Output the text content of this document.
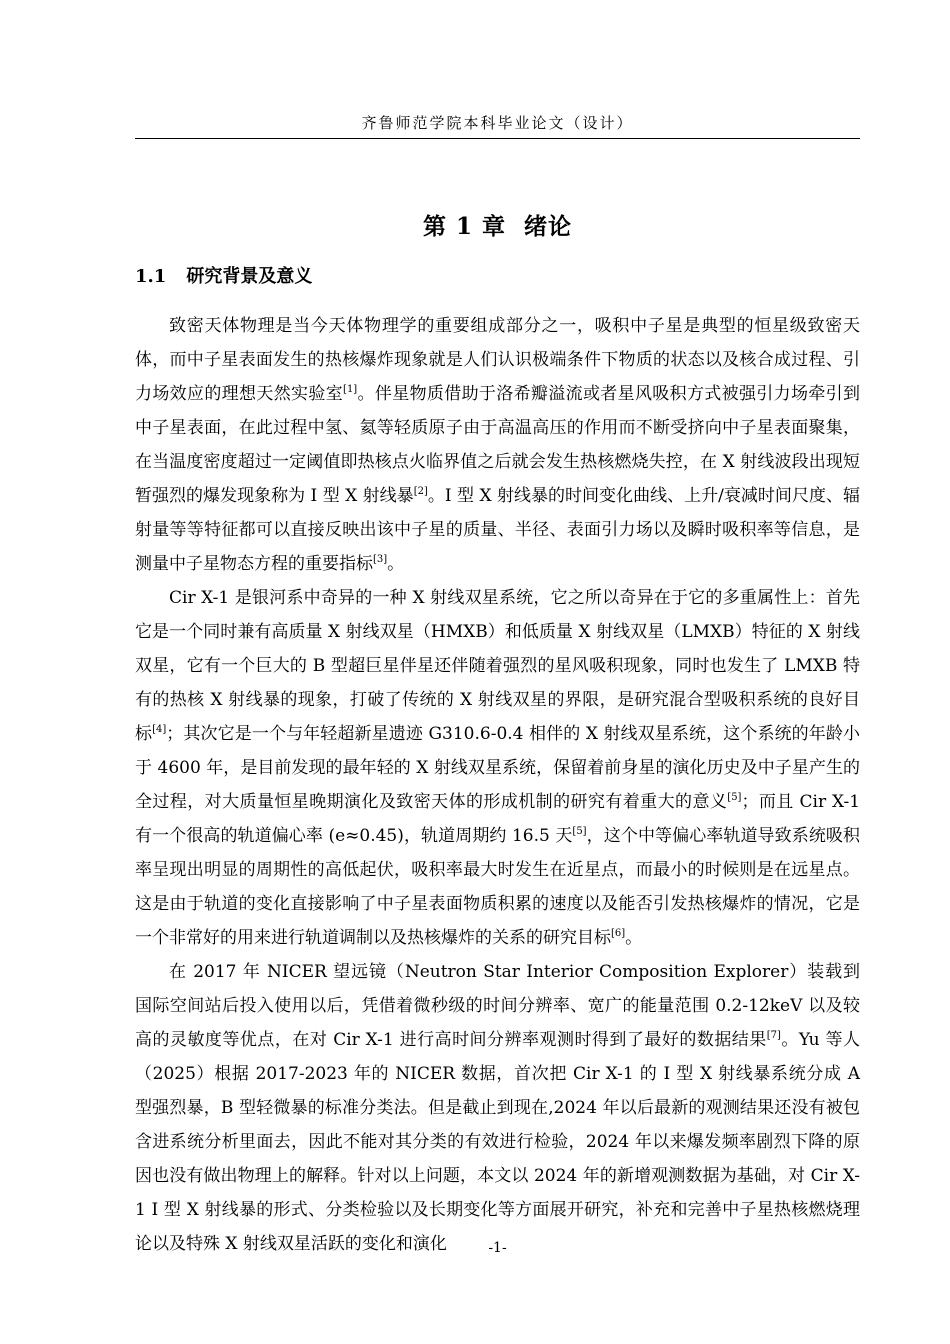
齐鲁师范学院本科毕业论文（设计）
第 1 章 绪论
1.1 研究背景及意义

致密天体物理是当今天体物理学的重要组成部分之一，吸积中子星是典型的恒星级致密天体，而中子星表面发生的热核爆炸现象就是人们认识极端条件下物质的状态以及核合成过程、引力场效应的理想天然实验室[1]。伴星物质借助于洛希瓣溢流或者星风吸积方式被强引力场牵引到中子星表面，在此过程中氢、氦等轻质原子由于高温高压的作用而不断受挤向中子星表面聚集，在当温度密度超过一定阈值即热核点火临界值之后就会发生热核燃烧失控，在 X 射线波段出现短暂强烈的爆发现象称为 I 型 X 射线暴[2]。I 型 X 射线暴的时间变化曲线、上升/衰减时间尺度、辐射量等等特征都可以直接反映出该中子星的质量、半径、表面引力场以及瞬时吸积率等信息，是测量中子星物态方程的重要指标[3]。

Cir X-1 是银河系中奇异的一种 X 射线双星系统，它之所以奇异在于它的多重属性上：首先它是一个同时兼有高质量 X 射线双星（HMXB）和低质量 X 射线双星（LMXB）特征的 X 射线双星，它有一个巨大的 B 型超巨星伴星还伴随着强烈的星风吸积现象，同时也发生了 LMXB 特有的热核 X 射线暴的现象，打破了传统的 X 射线双星的界限，是研究混合型吸积系统的良好目标[4]；其次它是一个与年轻超新星遗迹 G310.6-0.4 相伴的 X 射线双星系统，这个系统的年龄小于 4600 年，是目前发现的最年轻的 X 射线双星系统，保留着前身星的演化历史及中子星产生的全过程，对大质量恒星晚期演化及致密天体的形成机制的研究有着重大的意义[5]；而且 Cir X-1 有一个很高的轨道偏心率 (e≈0.45)，轨道周期约 16.5 天[5]，这个中等偏心率轨道导致系统吸积率呈现出明显的周期性的高低起伏，吸积率最大时发生在近星点，而最小的时候则是在远星点。这是由于轨道的变化直接影响了中子星表面物质积累的速度以及能否引发热核爆炸的情况，它是一个非常好的用来进行轨道调制以及热核爆炸的关系的研究目标[6]。

在 2017 年 NICER 望远镜（Neutron Star Interior Composition Explorer）装载到国际空间站后投入使用以后，凭借着微秒级的时间分辨率、宽广的能量范围 0.2-12keV 以及较高的灵敏度等优点，在对 Cir X-1 进行高时间分辨率观测时得到了最好的数据结果[7]。Yu 等人（2025）根据 2017-2023 年的 NICER 数据，首次把 Cir X-1 的 I 型 X 射线暴系统分成 A 型强烈暴，B 型轻微暴的标准分类法。但是截止到现在,2024 年以后最新的观测结果还没有被包含进系统分析里面去，因此不能对其分类的有效进行检验，2024 年以来爆发频率剧烈下降的原因也没有做出物理上的解释。针对以上问题，本文以 2024 年的新增观测数据为基础，对 Cir X-1 I 型 X 射线暴的形式、分类检验以及长期变化等方面展开研究，补充和完善中子星热核燃烧理论以及特殊 X 射线双星活跃的变化和演化	-1-
